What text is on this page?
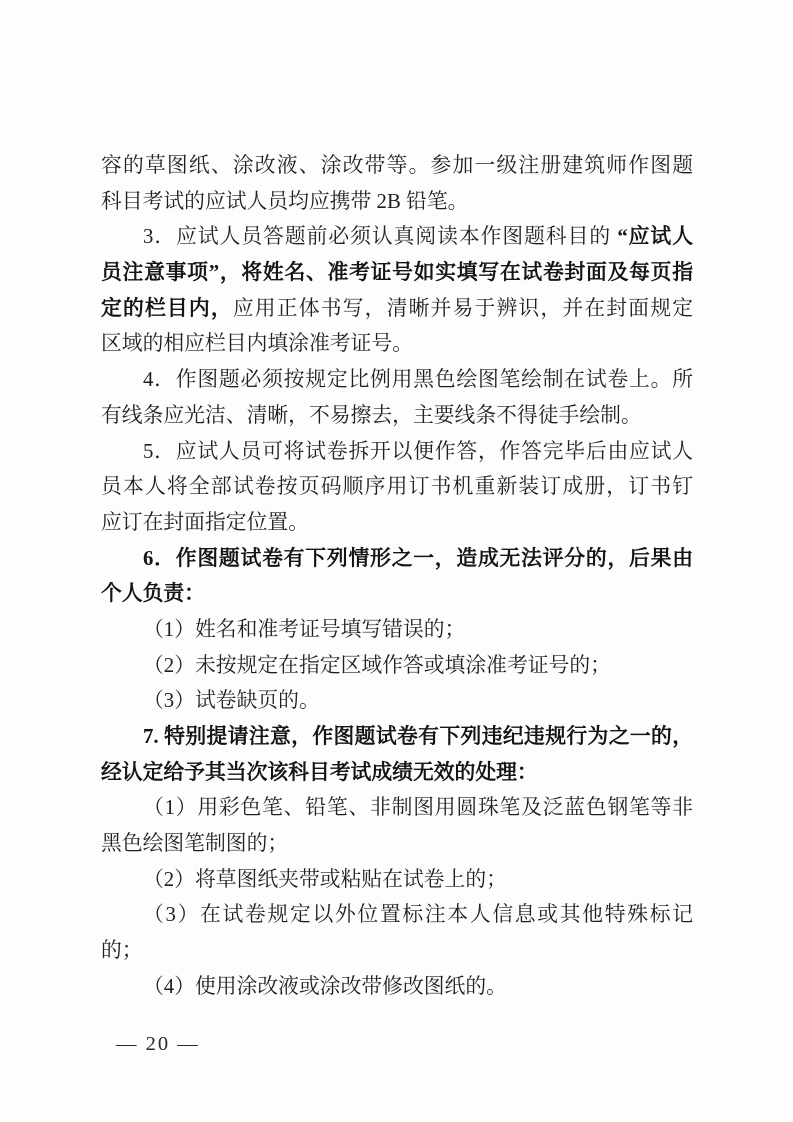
容的草图纸、涂改液、涂改带等。参加一级注册建筑师作图题
科目考试的应试人员均应携带 2B 铅笔。
3．应试人员答题前必须认真阅读本作图题科目的 “应试人
员注意事项”，将姓名、准考证号如实填写在试卷封面及每页指
定的栏目内，应用正体书写，清晰并易于辨识，并在封面规定
区域的相应栏目内填涂准考证号。
4．作图题必须按规定比例用黑色绘图笔绘制在试卷上。所
有线条应光洁、清晰，不易擦去，主要线条不得徒手绘制。
5．应试人员可将试卷拆开以便作答，作答完毕后由应试人
员本人将全部试卷按页码顺序用订书机重新装订成册，订书钉
应订在封面指定位置。
6．作图题试卷有下列情形之一，造成无法评分的，后果由
个人负责：
（1）姓名和准考证号填写错误的；
（2）未按规定在指定区域作答或填涂准考证号的；
（3）试卷缺页的。
7. 特别提请注意，作图题试卷有下列违纪违规行为之一的，
经认定给予其当次该科目考试成绩无效的处理：
（1）用彩色笔、铅笔、非制图用圆珠笔及泛蓝色钢笔等非
黑色绘图笔制图的；
（2）将草图纸夹带或粘贴在试卷上的；
（3）在试卷规定以外位置标注本人信息或其他特殊标记
的；
（4）使用涂改液或涂改带修改图纸的。
— 20 —
